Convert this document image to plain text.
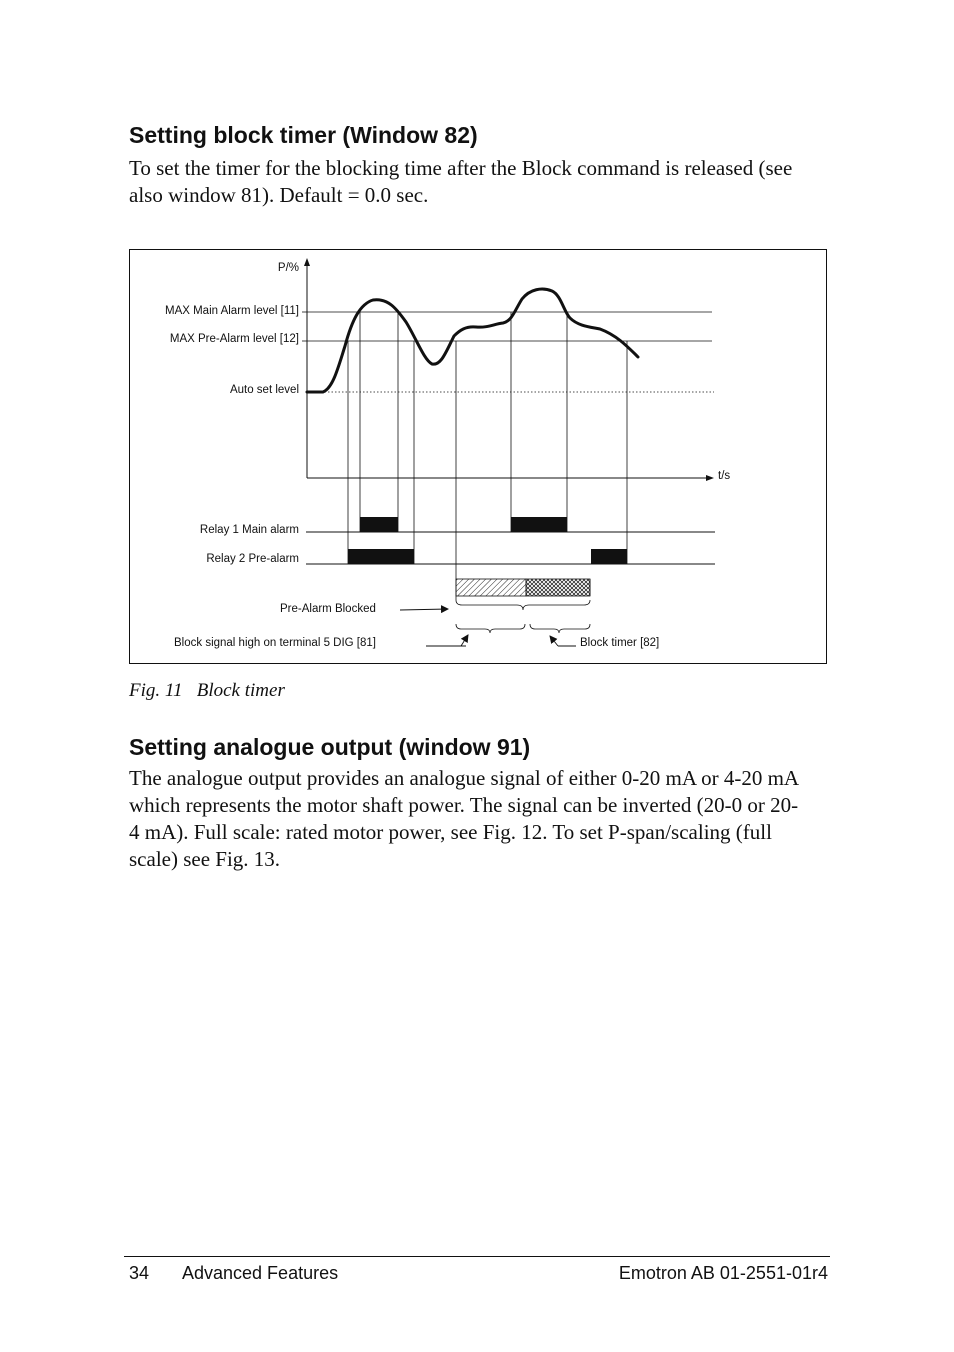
Setting block timer (Window 82)

To set the timer for the blocking time after the Block command is released (see
also window 81). Default = 0.0 sec.

P/%
t/s
MAX Main Alarm level [11]
MAX Pre-Alarm level [12]
Auto set level
Relay 1 Main alarm
Relay 2 Pre-alarm
Pre-Alarm Blocked
Block signal high on terminal 5 DIG [81]	Block timer [82]
Fig. 11 Block timer
Setting analogue output (window 91)

The analogue output provides an analogue signal of either 0-20 mA or 4-20 mA
which represents the motor shaft power. The signal can be inverted (20-0 or 20-
4 mA). Full scale: rated motor power, see Fig. 12. To set P-span/scaling (full
scale) see Fig. 13.

34 Advanced Features	Emotron AB 01-2551-01r4
